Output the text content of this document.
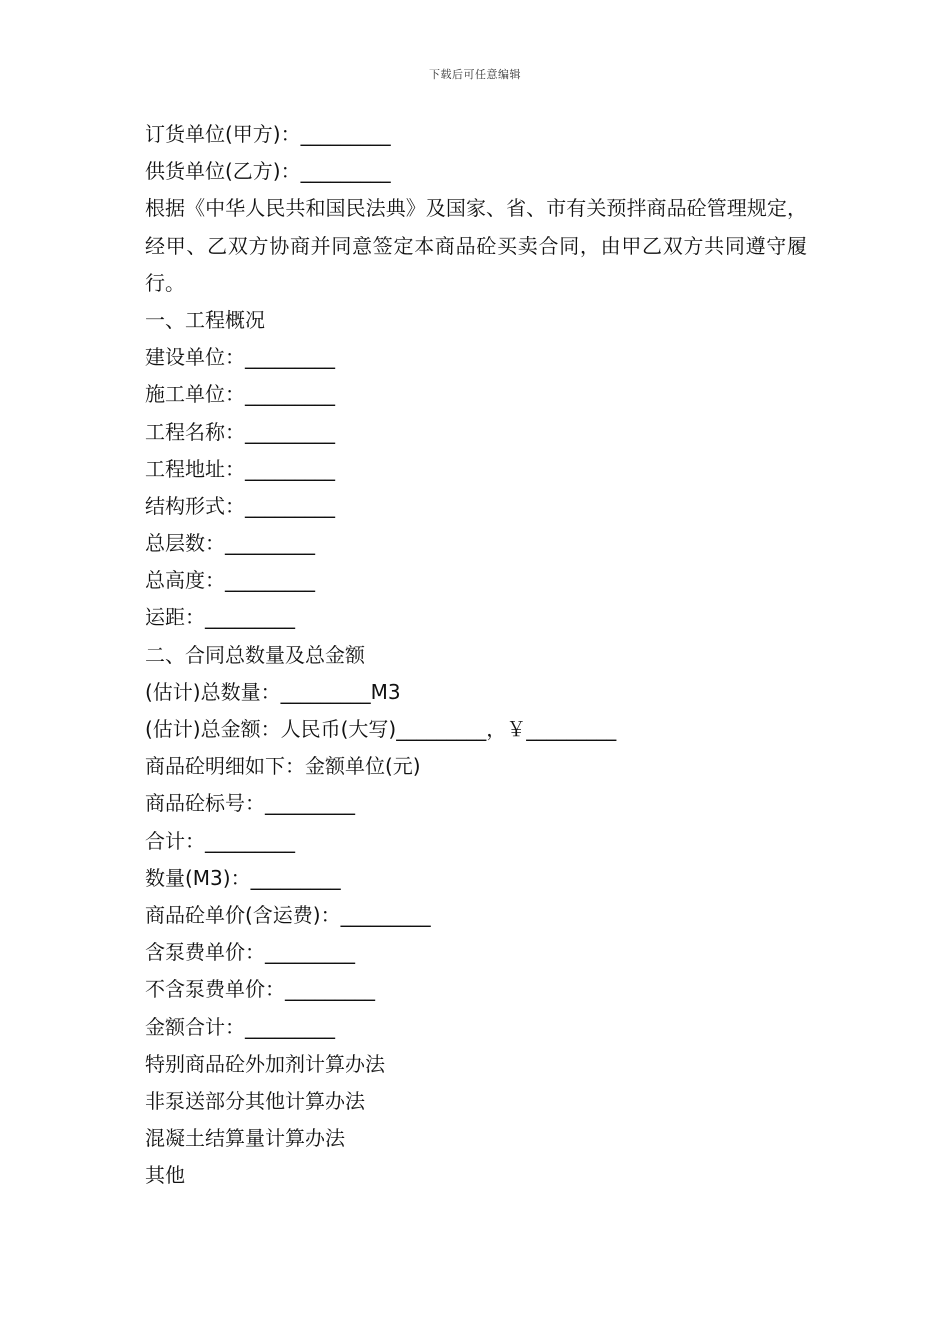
下载后可任意编辑
订货单位(甲方)：_________
供货单位(乙方)：_________
根据《中华人民共和国民法典》及国家、省、市有关预拌商品砼管理规定，经甲、乙双方协商并同意签定本商品砼买卖合同，由甲乙双方共同遵守履行。
一、工程概况
建设单位：_________
施工单位：_________
工程名称：_________
工程地址：_________
结构形式：_________
总层数：_________
总高度：_________
运距：_________
二、合同总数量及总金额
(估计)总数量：_________M3
(估计)总金额：人民币(大写)_________，￥_________
商品砼明细如下：金额单位(元)
商品砼标号：_________
合计：_________
数量(M3)：_________
商品砼单价(含运费)：_________
含泵费单价：_________
不含泵费单价：_________
金额合计：_________
特别商品砼外加剂计算办法
非泵送部分其他计算办法
混凝土结算量计算办法
其他
